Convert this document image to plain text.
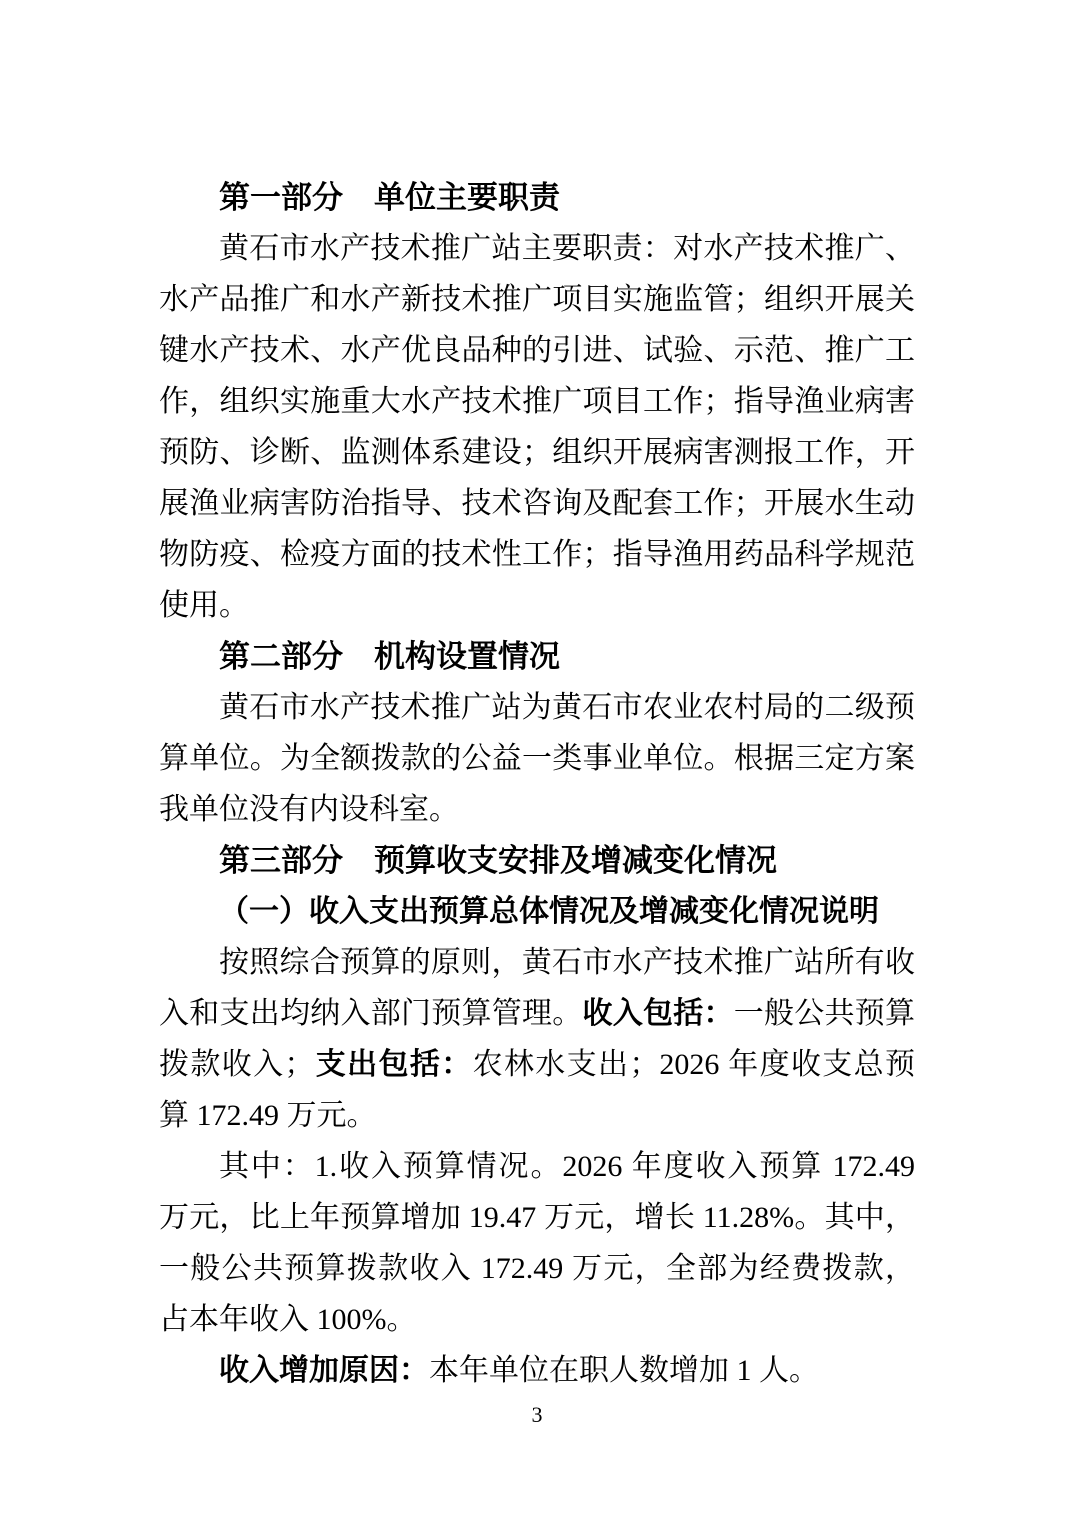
第一部分　单位主要职责

黄石市水产技术推广站主要职责：对水产技术推广、水产品推广和水产新技术推广项目实施监管；组织开展关键水产技术、水产优良品种的引进、试验、示范、推广工作，组织实施重大水产技术推广项目工作；指导渔业病害预防、诊断、监测体系建设；组织开展病害测报工作，开展渔业病害防治指导、技术咨询及配套工作；开展水生动物防疫、检疫方面的技术性工作；指导渔用药品科学规范使用。

第二部分　机构设置情况

黄石市水产技术推广站为黄石市农业农村局的二级预算单位。为全额拨款的公益一类事业单位。根据三定方案我单位没有内设科室。

第三部分　预算收支安排及增减变化情况
（一）收入支出预算总体情况及增减变化情况说明

按照综合预算的原则，黄石市水产技术推广站所有收入和支出均纳入部门预算管理。收入包括：一般公共预算拨款收入；支出包括：农林水支出；2026 年度收支总预算 172.49 万元。

其中：1.收入预算情况。2026 年度收入预算 172.49 万元，比上年预算增加 19.47 万元，增长 11.28%。其中，一般公共预算拨款收入 172.49 万元，全部为经费拨款，占本年收入 100%。

收入增加原因：本年单位在职人数增加 1 人。

3
